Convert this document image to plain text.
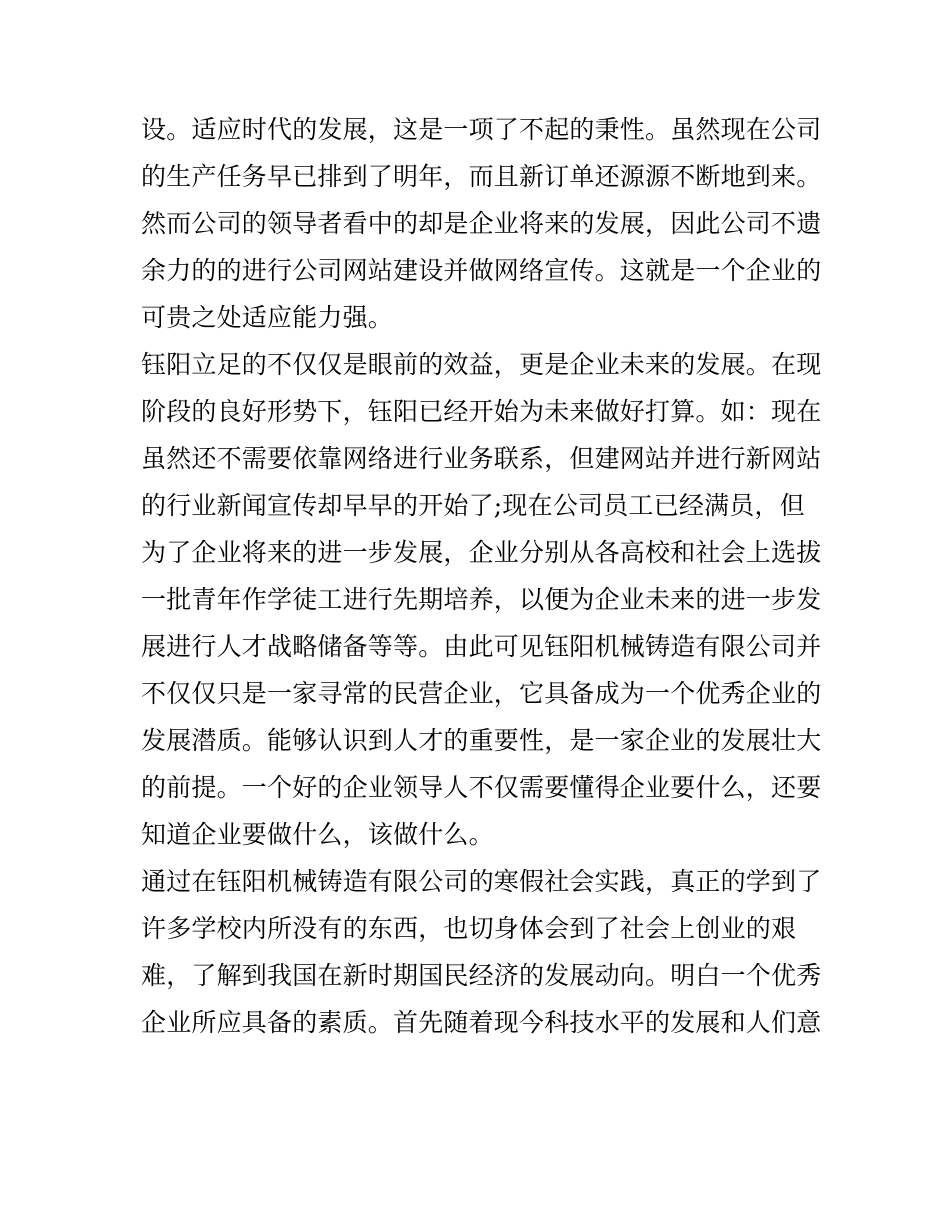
设。适应时代的发展，这是一项了不起的秉性。虽然现在公司
的生产任务早已排到了明年，而且新订单还源源不断地到来。
然而公司的领导者看中的却是企业将来的发展，因此公司不遗
余力的的进行公司网站建设并做网络宣传。这就是一个企业的
可贵之处适应能力强。
钰阳立足的不仅仅是眼前的效益，更是企业未来的发展。在现
阶段的良好形势下，钰阳已经开始为未来做好打算。如：现在
虽然还不需要依靠网络进行业务联系，但建网站并进行新网站
的行业新闻宣传却早早的开始了;现在公司员工已经满员，但
为了企业将来的进一步发展，企业分别从各高校和社会上选拔
一批青年作学徒工进行先期培养，以便为企业未来的进一步发
展进行人才战略储备等等。由此可见钰阳机械铸造有限公司并
不仅仅只是一家寻常的民营企业，它具备成为一个优秀企业的
发展潜质。能够认识到人才的重要性，是一家企业的发展壮大
的前提。一个好的企业领导人不仅需要懂得企业要什么，还要
知道企业要做什么，该做什么。
通过在钰阳机械铸造有限公司的寒假社会实践，真正的学到了
许多学校内所没有的东西，也切身体会到了社会上创业的艰
难，了解到我国在新时期国民经济的发展动向。明白一个优秀
企业所应具备的素质。首先随着现今科技水平的发展和人们意
